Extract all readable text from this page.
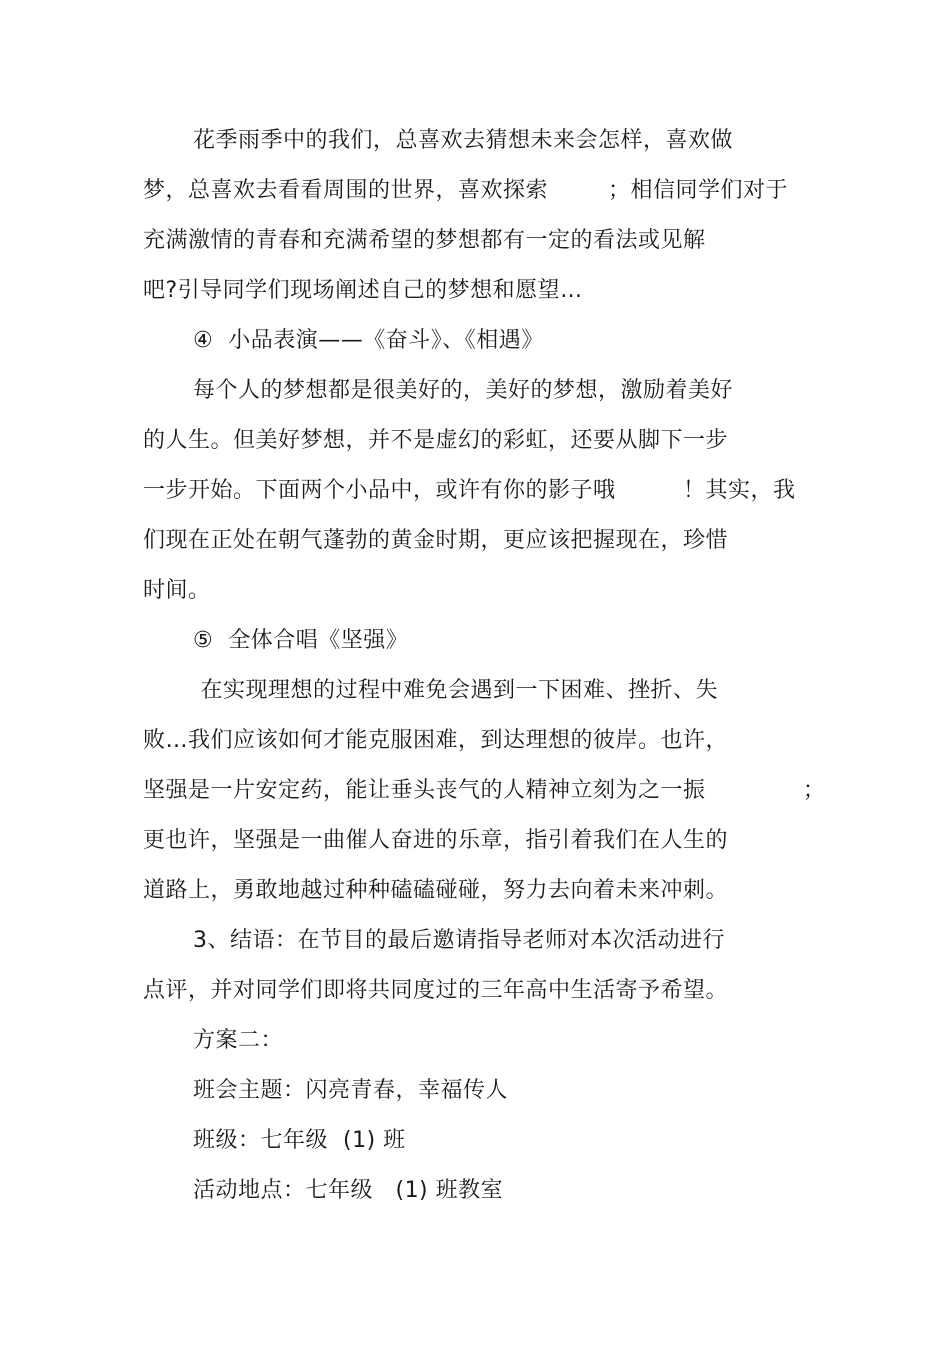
花季雨季中的我们，总喜欢去猜想未来会怎样，喜欢做
梦，总喜欢去看看周围的世界，喜欢探索        ；相信同学们对于
充满激情的青春和充满希望的梦想都有一定的看法或见解
吧?引导同学们现场阐述自己的梦想和愿望…
④  小品表演——《奋斗》、《相遇》
每个人的梦想都是很美好的，美好的梦想，激励着美好
的人生。但美好梦想，并不是虚幻的彩虹，还要从脚下一步
一步开始。下面两个小品中，或许有你的影子哦         ！其实，我
们现在正处在朝气蓬勃的黄金时期，更应该把握现在，珍惜
时间。
⑤  全体合唱《坚强》
在实现理想的过程中难免会遇到一下困难、挫折、失
败…我们应该如何才能克服困难，到达理想的彼岸。也许，
坚强是一片安定药，能让垂头丧气的人精神立刻为之一振             ；
更也许，坚强是一曲催人奋进的乐章，指引着我们在人生的
道路上，勇敢地越过种种磕磕碰碰，努力去向着未来冲刺。
3、结语：在节目的最后邀请指导老师对本次活动进行
点评，并对同学们即将共同度过的三年高中生活寄予希望。
方案二：
班会主题：闪亮青春，幸福传人
班级：七年级  (1) 班
活动地点：七年级   (1) 班教室
